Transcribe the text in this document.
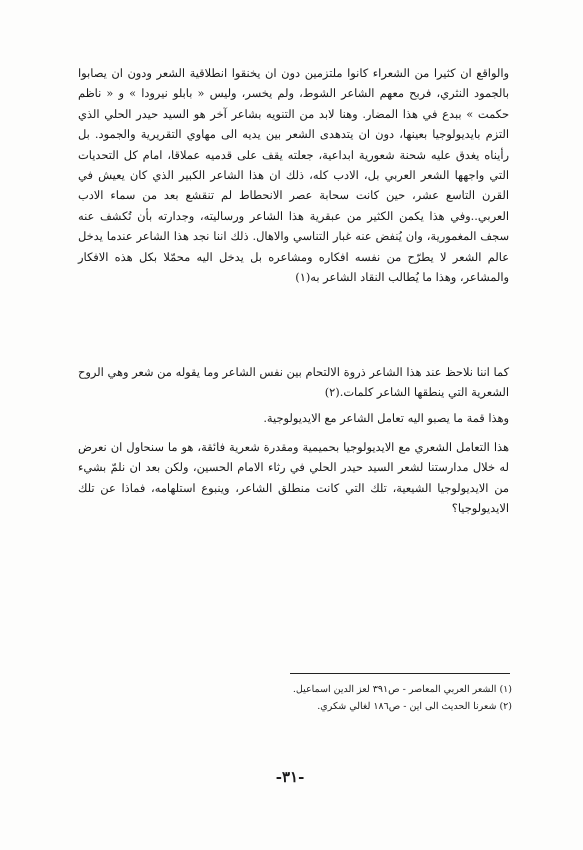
والواقع ان كثيرا من الشعراء كانوا ملتزمين دون ان يخنقوا انطلاقية الشعر ودون ان يصابوا بالجمود النثري، فربح معهم الشاعر الشوط، ولم يخسر، وليس « بابلو نيرودا » و « ناظم حكمت » ببدع في هذا المضار. وهنا لابد من التنويه بشاعر آخر هو السيد حيدر الحلي الذي التزم بايديولوجيا بعينها، دون ان يتدهدى الشعر بين يديه الى مهاوي التقريرية والجمود. بل رأيناه يغدق عليه شحنة شعورية ابداعية، جعلته يقف على قدميه عملاقا، امام كل التحديات التي واجهها الشعر العربي بل، الادب كله، ذلك ان هذا الشاعر الكبير الذي كان يعيش في القرن التاسع عشر، حين كانت سحابة عصر الانحطاط لم تنقشع بعد من سماء الادب العربي..وفي هذا يكمن الكثير من عبقرية هذا الشاعر ورساليته، وجدارته بأن تُكشف عنه سجف المغمورية، وان يُنفض عنه غبار التناسي والاهال. ذلك اننا نجد هذا الشاعر عندما يدخل عالم الشعر لا يطرّح من نفسه افكاره ومشاعره بل يدخل اليه محمّلا بكل هذه الافكار والمشاعر، وهذا ما يُطالب النقاد الشاعر به(١)

كما اننا نلاحظ عند هذا الشاعر ذروة الالتحام بين نفس الشاعر وما يقوله من شعر وهي الروح الشعرية التي ينطقها الشاعر كلمات.(٢)

وهذا قمة ما يصبو اليه تعامل الشاعر مع الايديولوجية.

هذا التعامل الشعري مع الايديولوجيا بحميمية ومقدرة شعرية فائقة، هو ما سنحاول ان نعرض له خلال مدارستنا لشعر السيد حيدر الحلي في رثاء الامام الحسين، ولكن بعد ان نلمّ بشيء من الايديولوجيا الشيعية، تلك التي كانت منطلق الشاعر، وينبوع استلهامه، فماذا عن تلك الايديولوجيا؟

(١) الشعر العربي المعاصر - ص٣٩١ لعز الدين اسماعيل.
(٢) شعرنا الحديث الى اين - ص١٨٦ لغالي شكري.
-٣١-
